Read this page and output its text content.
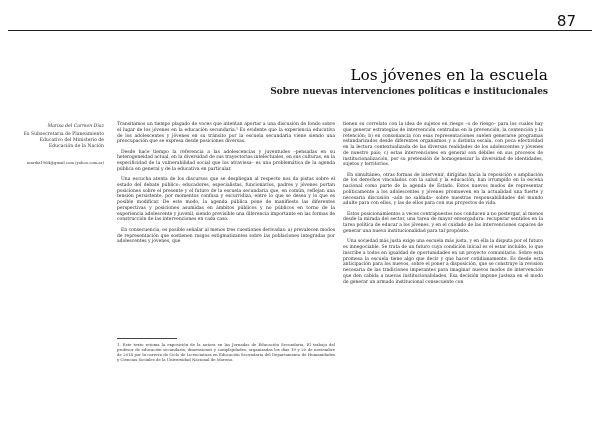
87
Los jóvenes en la escuela
Sobre nuevas intervenciones políticas e institucionales
Marisa del Carmen Díaz
Ex Subsecretaria de Planeamiento Educativo del Ministerio de Educación de la Nación
mardia1964@gmail.com (yahoo.com.ar)

Transitamos un tiempo plagado de voces que intentan aportar a una discusión de fondo sobre el lugar de los jóvenes en la educación secundaria.¹ Es evidente que la experiencia educativa de los adolescentes y jóvenes en su tránsito por la escuela secundaria viene siendo una preocupación que se expresa desde posiciones diversas.

Desde hace tiempo la referencia a las adolescencias y juventudes –pensadas en su heterogeneidad actual, en la diversidad de sus trayectorias intelectuales, en sus culturas, en la especificidad de la vulnerabilidad social que los atraviesa– es una problemática de la agenda pública en general y de la educativa en particular.

Una escucha atenta de los discursos que se despliegan al respecto nos da pistas sobre el estado del debate público: educadores, especialistas, funcionarios, padres y jóvenes portan posiciones sobre el presente y el futuro de la escuela secundaria que, en común, reflejan una tensión persistente, por momentos confusa y escurridiza, entre lo que se desea y lo que es posible modificar. De este modo, la agenda pública pone de manifiesto las diferentes perspectivas y posiciones asumidas en ámbitos públicos y no públicos en torno de la experiencia adolescente y juvenil, siendo previsible una diferencia importante en las formas de construcción de las intervenciones en cada caso.

En consecuencia, es posible señalar al menos tres cuestiones derivadas: a) prevalecen modos de representación que sostienen rasgos estigmatizantes sobre las poblaciones integradas por adolescentes y jóvenes, que

1. Este texto retoma la exposición de la autora en las Jornadas de Educación Secundaria, El trabajo del profesor de educación secundaria, dimensiones y complejidades, organizadas los días 19 y 20 de noviembre de 2014 por la carrera de Ciclo de Licenciatura en Educación Secundaria del Departamento de Humanidades y Ciencias Sociales de la Universidad Nacional de Moreno.

tienen su correlato con la idea de sujetos en riesgo –o de riesgo– para los cuales hay que generar estrategias de intervención centradas en la prevención, la contención y la retención; b) en consonancia con esas representaciones suelen generarse programas estandarizados desde diferentes organismos y a distinta escala, con poca efectividad en la lectura contextualizada de las diversas realidades de los adolescentes y jóvenes de nuestro país; c) estas intervenciones en general son débiles en sus procesos de institucionalización, por su pretensión de homogeneizar la diversidad de identidades, sujetos y territorios.

En simultáneo, otras formas de intervenir, dirigidas hacia la reposición o ampliación de los derechos vinculados con la salud y la educación, han irrumpido en la escena nacional como parte de la agenda de Estado. Estos nuevos modos de representar políticamente a los adolescentes y jóvenes promueven en la actualidad una fuerte y necesaria discusión –aún no saldada– sobre nuestras responsabilidades del mundo adulto para con ellos, y las de ellos para con sus proyectos de vida.

Estos posicionamientos a veces contrapuestos nos conducen a no postergar, al menos desde la mirada del sector, una tarea de mayor envergadura: recuperar sentidos en la tarea política de educar a los jóvenes, y en el cuidado de las intervenciones capaces de generar una nueva institucionalidad para tal propósito.

Una sociedad más justa exige una escuela más justa, y en ella la disputa por el futuro es innegociable. Se trata de un futuro cuya condición inicial es el estar incluido, lo que inscribe a todos en igualdad de oportunidades en un proyecto comunitario. Sobre esta promesa la escuela tiene algo que decir y que hacer cotidianamente. Es desde esta anticipación para los nuevos, sobre el poner a disposición, que se construye la revisión necesaria de las tradiciones imperantes para imaginar nuevos modos de intervención que den cabida a nuevas institucionalidades. Esa decisión impone justeza en el modo de generar un armado institucional consecuente con
